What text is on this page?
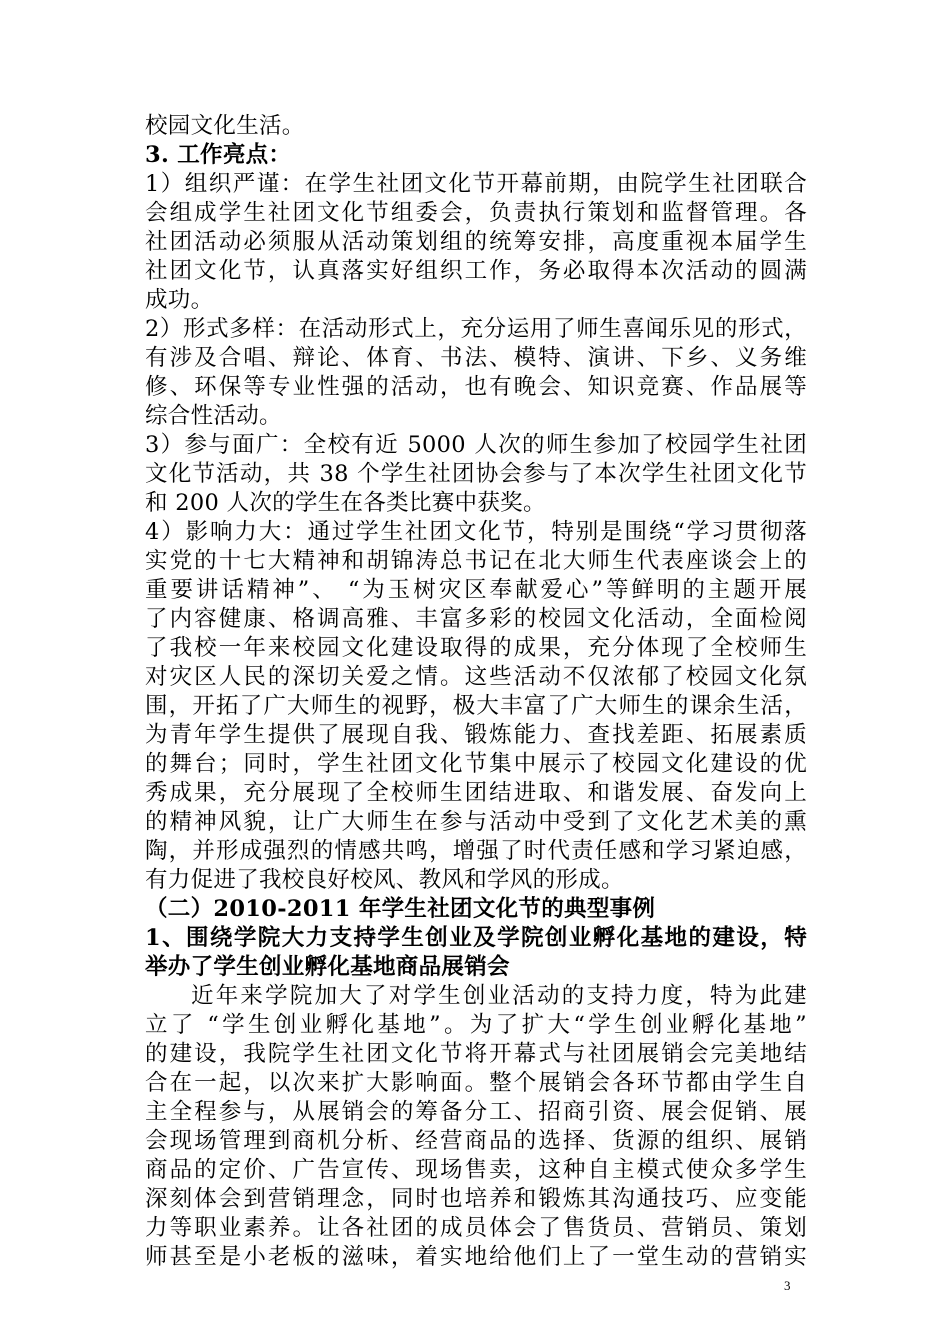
校园文化生活。
3. 工作亮点：
1）组织严谨：在学生社团文化节开幕前期，由院学生社团联合
会组成学生社团文化节组委会，负责执行策划和监督管理。各
社团活动必须服从活动策划组的统筹安排，高度重视本届学生
社团文化节，认真落实好组织工作，务必取得本次活动的圆满
成功。
2）形式多样：在活动形式上，充分运用了师生喜闻乐见的形式，
有涉及合唱、辩论、体育、书法、模特、演讲、下乡、义务维
修、环保等专业性强的活动，也有晚会、知识竞赛、作品展等
综合性活动。
3）参与面广：全校有近 5000 人次的师生参加了校园学生社团
文化节活动，共 38 个学生社团协会参与了本次学生社团文化节
和 200 人次的学生在各类比赛中获奖。
4）影响力大：通过学生社团文化节，特别是围绕“学习贯彻落
实党的十七大精神和胡锦涛总书记在北大师生代表座谈会上的
重要讲话精神”、 “为玉树灾区奉献爱心”等鲜明的主题开展
了内容健康、格调高雅、丰富多彩的校园文化活动，全面检阅
了我校一年来校园文化建设取得的成果，充分体现了全校师生
对灾区人民的深切关爱之情。这些活动不仅浓郁了校园文化氛
围，开拓了广大师生的视野，极大丰富了广大师生的课余生活，
为青年学生提供了展现自我、锻炼能力、查找差距、拓展素质
的舞台；同时，学生社团文化节集中展示了校园文化建设的优
秀成果，充分展现了全校师生团结进取、和谐发展、奋发向上
的精神风貌，让广大师生在参与活动中受到了文化艺术美的熏
陶，并形成强烈的情感共鸣，增强了时代责任感和学习紧迫感，
有力促进了我校良好校风、教风和学风的形成。
（二）2010-2011 年学生社团文化节的典型事例
1、围绕学院大力支持学生创业及学院创业孵化基地的建设，特
举办了学生创业孵化基地商品展销会
近年来学院加大了对学生创业活动的支持力度，特为此建
立了 “学生创业孵化基地”。为了扩大“学生创业孵化基地”
的建设，我院学生社团文化节将开幕式与社团展销会完美地结
合在一起，以次来扩大影响面。整个展销会各环节都由学生自
主全程参与，从展销会的筹备分工、招商引资、展会促销、展
会现场管理到商机分析、经营商品的选择、货源的组织、展销
商品的定价、广告宣传、现场售卖，这种自主模式使众多学生
深刻体会到营销理念，同时也培养和锻炼其沟通技巧、应变能
力等职业素养。让各社团的成员体会了售货员、营销员、策划
师甚至是小老板的滋味，着实地给他们上了一堂生动的营销实
3
